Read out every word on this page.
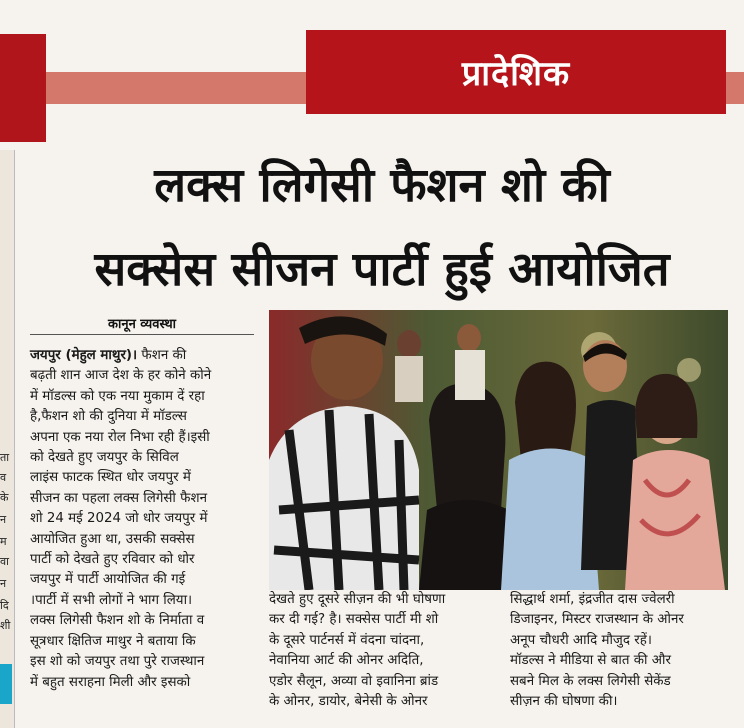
प्रादेशिक
ता
व
के
न
म
वा
न
दि
शी
लक्स लिगेसी फैशन शो की
सक्सेस सीजन पार्टी हुई आयोजित
कानून व्यवस्था

जयपुर (मेहुल माथुर)। फैशन की

बढ़ती शान आज देश के हर कोने कोने

में मॉडल्स को एक नया मुकाम दें रहा

है,फैशन शो की दुनिया में मॉडल्स

अपना एक नया रोल निभा रही हैं।इसी

को देखते हुए जयपुर के सिविल

लाइंस फाटक स्थित धोर जयपुर में

सीजन का पहला लक्स लिगेसी फैशन

शो 24 मई 2024 जो धोर जयपुर में

आयोजित हुआ था, उसकी सक्सेस

पार्टी को देखते हुए रविवार को धोर

जयपुर में पार्टी आयोजित की गई

।पार्टी में सभी लोगों ने भाग लिया।

लक्स लिगेसी फैशन शो के निर्माता व

सूत्रधार क्षितिज माथुर ने बताया कि

इस शो को जयपुर तथा पुरे राजस्थान

में बहुत सराहना मिली और इसको

देखते हुए दूसरे सीज़न की भी घोषणा

कर दी गई? है। सक्सेस पार्टी मी शो

के दूसरे पार्टनर्स में वंदना चांदना,

नेवानिया आर्ट की ओनर अदिति,

एडोर सैलून, अव्या वो इवानिना ब्रांड

के ओनर, डायोर, बेनेसी के ओनर

सिद्धार्थ शर्मा, इंद्रजीत दास ज्वेलरी

डिजाइनर, मिस्टर राजस्थान के ओनर

अनूप चौधरी आदि मौजुद रहें।

मॉडल्स ने मीडिया से बात की और

सबने मिल के लक्स लिगेसी सेकेंड

सीज़न की घोषणा की।
